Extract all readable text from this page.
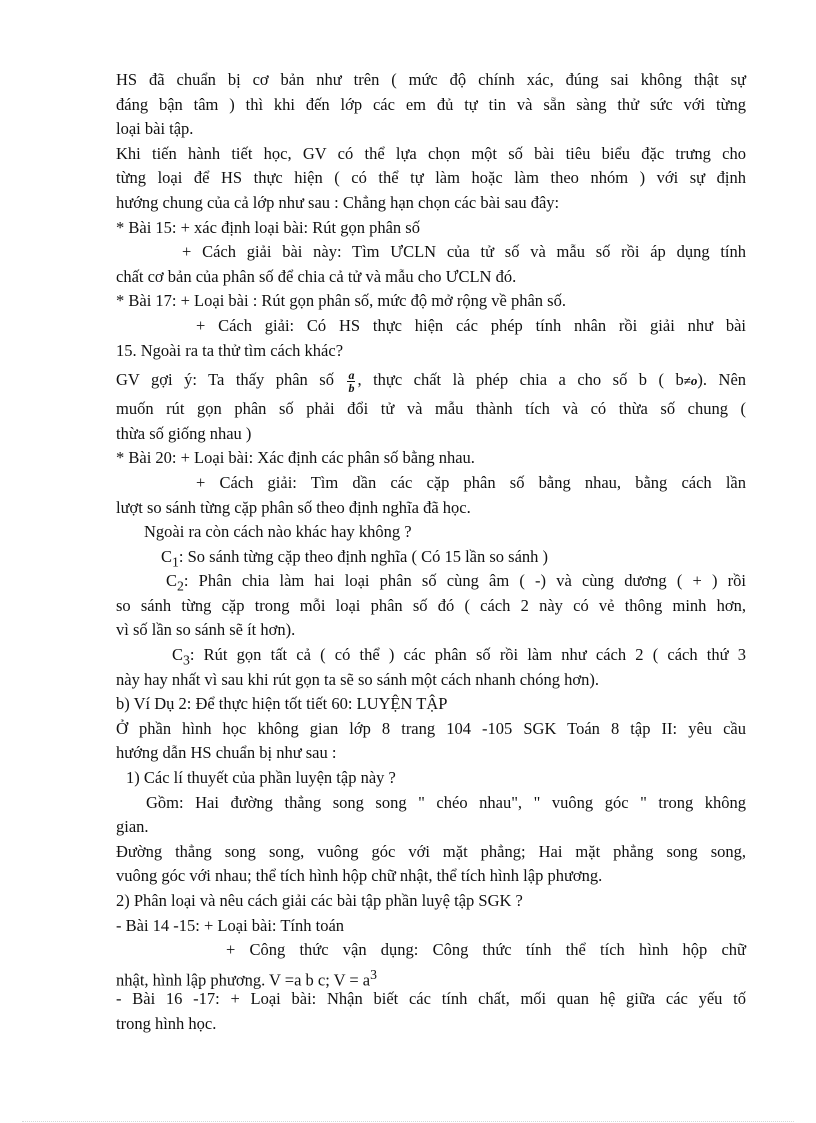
HS đã chuẩn bị cơ bản như trên ( mức độ chính xác, đúng sai không thật sự
đáng bận tâm ) thì khi đến lớp các em đủ tự tin và sẵn sàng thử sức với từng
loại bài tập.
Khi tiến hành tiết học, GV có thể lựa chọn một số bài tiêu biểu đặc trưng cho
từng loại để HS thực hiện ( có thể tự làm hoặc làm theo nhóm ) với sự định
hướng chung của cả lớp như sau : Chẳng hạn chọn các bài sau đây:
* Bài 15: + xác định loại bài: Rút gọn phân số
+ Cách giải bài này: Tìm ƯCLN của tử số và mẫu số rồi áp dụng tính
chất cơ bản của phân số để chia cả tử và mẫu cho ƯCLN đó.
* Bài 17: + Loại bài : Rút gọn phân số, mức độ mở rộng về phân số.
+ Cách giải: Có HS thực hiện các phép tính nhân rồi giải như bài
15. Ngoài ra ta thử tìm cách khác?
GV gợi ý: Ta thấy phân số $\frac{a}{b}$ , thực chất là phép chia a cho số b ( b≠o). Nên
muốn rút gọn phân số phải đổi tử và mẫu thành tích và có thừa số chung (
thừa số giống nhau )
* Bài 20: + Loại bài: Xác định các phân số bằng nhau.
+ Cách giải: Tìm dần các cặp phân số bằng nhau, bằng cách lần
lượt so sánh từng cặp phân số theo định nghĩa đã học.
Ngoài ra còn cách nào khác hay không ?
$C_1$: So sánh từng cặp theo định nghĩa ( Có 15 lần so sánh )
$C_2$: Phân chia làm hai loại phân số cùng âm ( -) và cùng dương ( + ) rồi
so sánh từng cặp trong mỗi loại phân số đó ( cách 2 này có vẻ thông minh hơn,
vì số lần so sánh sẽ ít hơn).
$C_3$: Rút gọn tất cả ( có thể ) các phân số rồi làm như cách 2 ( cách thứ 3
này hay nhất vì sau khi rút gọn ta sẽ so sánh một cách nhanh chóng hơn).
b) Ví Dụ 2: Để thực hiện tốt tiết 60: LUYỆN TẬP
Ở phần hình học không gian lớp 8 trang 104 -105 SGK Toán 8 tập II: yêu cầu
hướng dẫn HS chuẩn bị như sau :
1) Các lí thuyết của phần luyện tập này ?
Gồm: Hai đường thẳng song song " chéo nhau", " vuông góc " trong không
gian.
Đường thẳng song song, vuông góc với mặt phẳng; Hai mặt phẳng song song,
vuông góc với nhau; thể tích hình hộp chữ nhật, thể tích hình lập phương.
2) Phân loại và nêu cách giải các bài tập phần luyệ tập SGK ?
- Bài 14 -15: + Loại bài: Tính toán
+ Công thức vận dụng: Công thức tính thể tích hình hộp chữ
nhật, hình lập phương. V =a b c; $V = a^3$
- Bài 16 -17: + Loại bài: Nhận biết các tính chất, mối quan hệ giữa các yếu tố
trong hình học.
